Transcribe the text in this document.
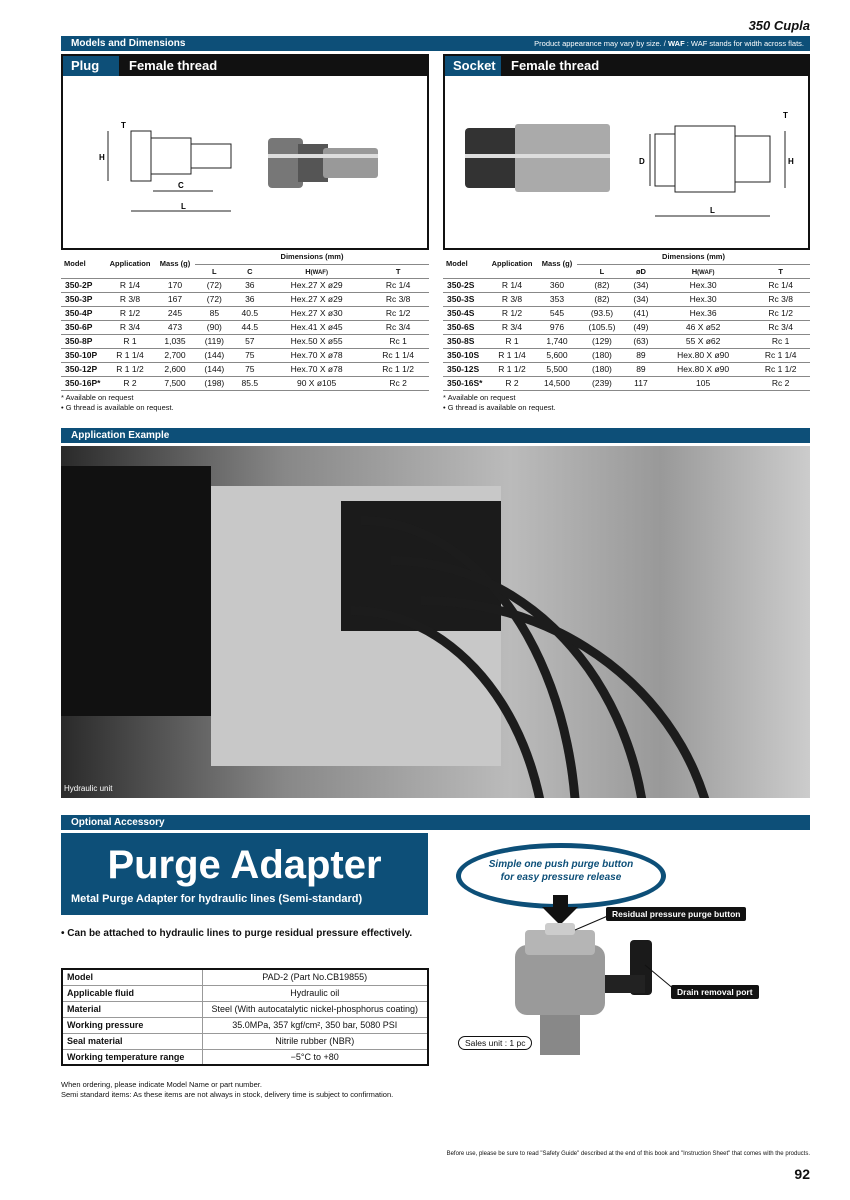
350 Cupla
Models and Dimensions	Product appearance may vary by size. / WAF : WAF stands for width across flats.
Plug	Female thread
H
T
C
L
Model	Application	Mass (g)	Dimensions (mm)			
			L	C	H(WAF)	T
350-2P	R 1/4	170	(72)	36	Hex.27 X ø29	Rc 1/4
350-3P	R 3/8	167	(72)	36	Hex.27 X ø29	Rc 3/8
350-4P	R 1/2	245	85	40.5	Hex.27 X ø30	Rc 1/2
350-6P	R 3/4	473	(90)	44.5	Hex.41 X ø45	Rc 3/4
350-8P	R 1	1,035	(119)	57	Hex.50 X ø55	Rc 1
350-10P	R 1 1/4	2,700	(144)	75	Hex.70 X ø78	Rc 1 1/4
350-12P	R 1 1/2	2,600	(144)	75	Hex.70 X ø78	Rc 1 1/2
350-16P*	R 2	7,500	(198)	85.5	90 X ø105	Rc 2
* Available on request
• G thread is available on request.
Socket	Female thread
D	H
T
L
Model	Application	Mass (g)	Dimensions (mm)			
			L	øD	H(WAF)	T
350-2S	R 1/4	360	(82)	(34)	Hex.30	Rc 1/4
350-3S	R 3/8	353	(82)	(34)	Hex.30	Rc 3/8
350-4S	R 1/2	545	(93.5)	(41)	Hex.36	Rc 1/2
350-6S	R 3/4	976	(105.5)	(49)	46 X ø52	Rc 3/4
350-8S	R 1	1,740	(129)	(63)	55 X ø62	Rc 1
350-10S	R 1 1/4	5,600	(180)	89	Hex.80 X ø90	Rc 1 1/4
350-12S	R 1 1/2	5,500	(180)	89	Hex.80 X ø90	Rc 1 1/2
350-16S*	R 2	14,500	(239)	117	105	Rc 2
* Available on request
• G thread is available on request.
Application Example
Hydraulic unit
Optional Accessory
Purge Adapter
Metal Purge Adapter for hydraulic lines (Semi-standard)
• Can be attached to hydraulic lines to purge residual pressure effectively.
Model	PAD-2 (Part No.CB19855)
Applicable fluid	Hydraulic oil
Material	Steel (With autocatalytic nickel-phosphorus coating)
Working pressure	35.0MPa, 357 kgf/cm², 350 bar, 5080 PSI
Seal material	Nitrile rubber (NBR)
Working temperature range	−5°C to +80
When ordering, please indicate Model Name or part number.
Semi standard items: As these items are not always in stock, delivery time is subject to confirmation.
Simple one push purge button
for easy pressure release
Residual pressure purge button
Drain removal port
Sales unit : 1 pc
Before use, please be sure to read "Safety Guide" described at the end of this book and "Instruction Sheet" that comes with the products.
92
